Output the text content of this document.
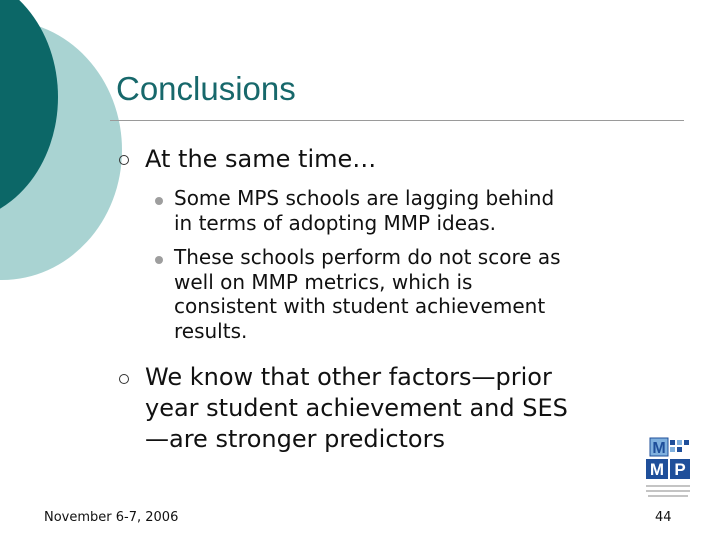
Conclusions
At the same time…
Some MPS schools are lagging behind
in terms of adopting MMP ideas.
These schools perform do not score as
well on MMP metrics, which is
consistent with student achievement
results.
We know that other factors—prior
year student achievement and SES
—are stronger predictors	M
M P
November 6-7, 2006	44
